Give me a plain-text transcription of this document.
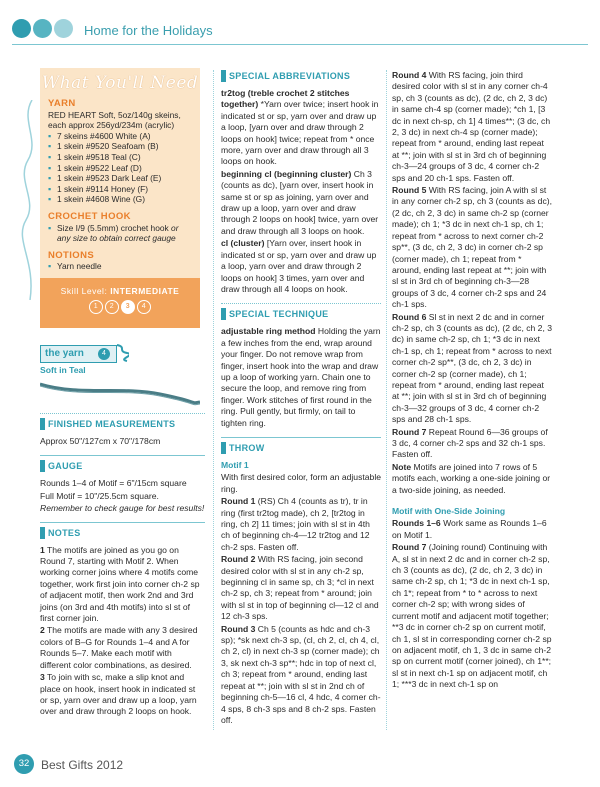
Home for the Holidays
What You'll Need
YARN
RED HEART Soft, 5oz/140g skeins, each approx 256yd/234m (acrylic)
▪ 7 skeins #4600 White (A)
▪ 1 skein #9520 Seafoam (B)
▪ 1 skein #9518 Teal (C)
▪ 1 skein #9522 Leaf (D)
▪ 1 skein #9523 Dark Leaf (E)
▪ 1 skein #9114 Honey (F)
▪ 1 skein #4608 Wine (G)
CROCHET HOOK
▪ Size I/9 (5.5mm) crochet hook or any size to obtain correct gauge
NOTIONS
▪ Yarn needle
Skill Level: INTERMEDIATE
1 2 3 4
the yarn	4
Soft in Teal
FINISHED MEASUREMENTS

Approx 50"/127cm x 70"/178cm

GAUGE

Rounds 1–4 of Motif = 6"/15cm square

Full Motif = 10"/25.5cm square.

Remember to check gauge for best results!

NOTES

1 The motifs are joined as you go on Round 7, starting with Motif 2. When working corner joins where 4 motifs come together, work first join into corner ch-2 sp of adjacent motif, then work 2nd and 3rd joins (on 3rd and 4th motifs) into sl st of first corner join.

2 The motifs are made with any 3 desired colors of B–G for Rounds 1–4 and A for Rounds 5–7. Make each motif with different color combinations, as desired.

3 To join with sc, make a slip knot and place on hook, insert hook in indicated st or sp, yarn over and draw up a loop, yarn over and draw through 2 loops on hook.

SPECIAL ABBREVIATIONS

tr2tog (treble crochet 2 stitches together) *Yarn over twice; insert hook in indicated st or sp, yarn over and draw up a loop, [yarn over and draw through 2 loops on hook] twice; repeat from * once more, yarn over and draw through all 3 loops on hook.

beginning cl (beginning cluster) Ch 3 (counts as dc), [yarn over, insert hook in same st or sp as joining, yarn over and draw up a loop, yarn over and draw through 2 loops on hook] twice, yarn over and draw through all 3 loops on hook.

cl (cluster) [Yarn over, insert hook in indicated st or sp, yarn over and draw up a loop, yarn over and draw through 2 loops on hook] 3 times, yarn over and draw through all 4 loops on hook.

SPECIAL TECHNIQUE

adjustable ring method Holding the yarn a few inches from the end, wrap around your finger. Do not remove wrap from finger, insert hook into the wrap and draw up a loop of working yarn. Chain one to secure the loop, and remove ring from finger. Work stitches of first round in the ring. Pull gently, but firmly, on tail to tighten ring.

THROW

Motif 1

With first desired color, form an adjustable ring.

Round 1 (RS) Ch 4 (counts as tr), tr in ring (first tr2tog made), ch 2, [tr2tog in ring, ch 2] 11 times; join with sl st in 4th ch of beginning ch-4—12 tr2tog and 12 ch-2 sps. Fasten off.

Round 2 With RS facing, join second desired color with sl st in any ch-2 sp, beginning cl in same sp, ch 3; *cl in next ch-2 sp, ch 3; repeat from * around; join with sl st in top of beginning cl—12 cl and 12 ch-3 sps.

Round 3 Ch 5 (counts as hdc and ch-3 sp); *sk next ch-3 sp, (cl, ch 2, cl, ch 4, cl, ch 2, cl) in next ch-3 sp (corner made); ch 3, sk next ch-3 sp**; hdc in top of next cl, ch 3; repeat from * around, ending last repeat at **; join with sl st in 2nd ch of beginning ch-5—16 cl, 4 hdc, 4 corner ch-4 sps, 8 ch-3 sps and 8 ch-2 sps. Fasten off.

Round 4 With RS facing, join third desired color with sl st in any corner ch-4 sp, ch 3 (counts as dc), (2 dc, ch 2, 3 dc) in same ch-4 sp (corner made); *ch 1, [3 dc in next ch-sp, ch 1] 4 times**; (3 dc, ch 2, 3 dc) in next ch-4 sp (corner made); repeat from * around, ending last repeat at **; join with sl st in 3rd ch of beginning ch-3—24 groups of 3 dc, 4 corner ch-2 sps and 20 ch-1 sps. Fasten off.

Round 5 With RS facing, join A with sl st in any corner ch-2 sp, ch 3 (counts as dc), (2 dc, ch 2, 3 dc) in same ch-2 sp (corner made); ch 1; *3 dc in next ch-1 sp, ch 1; repeat from * across to next corner ch-2 sp**, (3 dc, ch 2, 3 dc) in corner ch-2 sp (corner made), ch 1; repeat from * around, ending last repeat at **; join with sl st in 3rd ch of beginning ch-3—28 groups of 3 dc, 4 corner ch-2 sps and 24 ch-1 sps.

Round 6 Sl st in next 2 dc and in corner ch-2 sp, ch 3 (counts as dc), (2 dc, ch 2, 3 dc) in same ch-2 sp, ch 1; *3 dc in next ch-1 sp, ch 1; repeat from * across to next corner ch-2 sp**, (3 dc, ch 2, 3 dc) in corner ch-2 sp (corner made), ch 1; repeat from * around, ending last repeat at **; join with sl st in 3rd ch of beginning ch-3—32 groups of 3 dc, 4 corner ch-2 sps and 28 ch-1 sps.

Round 7 Repeat Round 6—36 groups of 3 dc, 4 corner ch-2 sps and 32 ch-1 sps. Fasten off.

Note Motifs are joined into 7 rows of 5 motifs each, working a one-side joining or a two-side joining, as needed.

Motif with One-Side Joining

Rounds 1–6 Work same as Rounds 1–6 on Motif 1.

Round 7 (Joining round) Continuing with A, sl st in next 2 dc and in corner ch-2 sp, ch 3 (counts as dc), (2 dc, ch 2, 3 dc) in same ch-2 sp, ch 1; *3 dc in next ch-1 sp, ch 1*; repeat from * to * across to next corner ch-2 sp; with wrong sides of current motif and adjacent motif together; **3 dc in corner ch-2 sp on current motif, ch 1, sl st in corresponding corner ch-2 sp on adjacent motif, ch 1, 3 dc in same ch-2 sp on current motif (corner joined), ch 1**; sl st in next ch-1 sp on adjacent motif, ch 1; ***3 dc in next ch-1 sp on

32 Best Gifts 2012
